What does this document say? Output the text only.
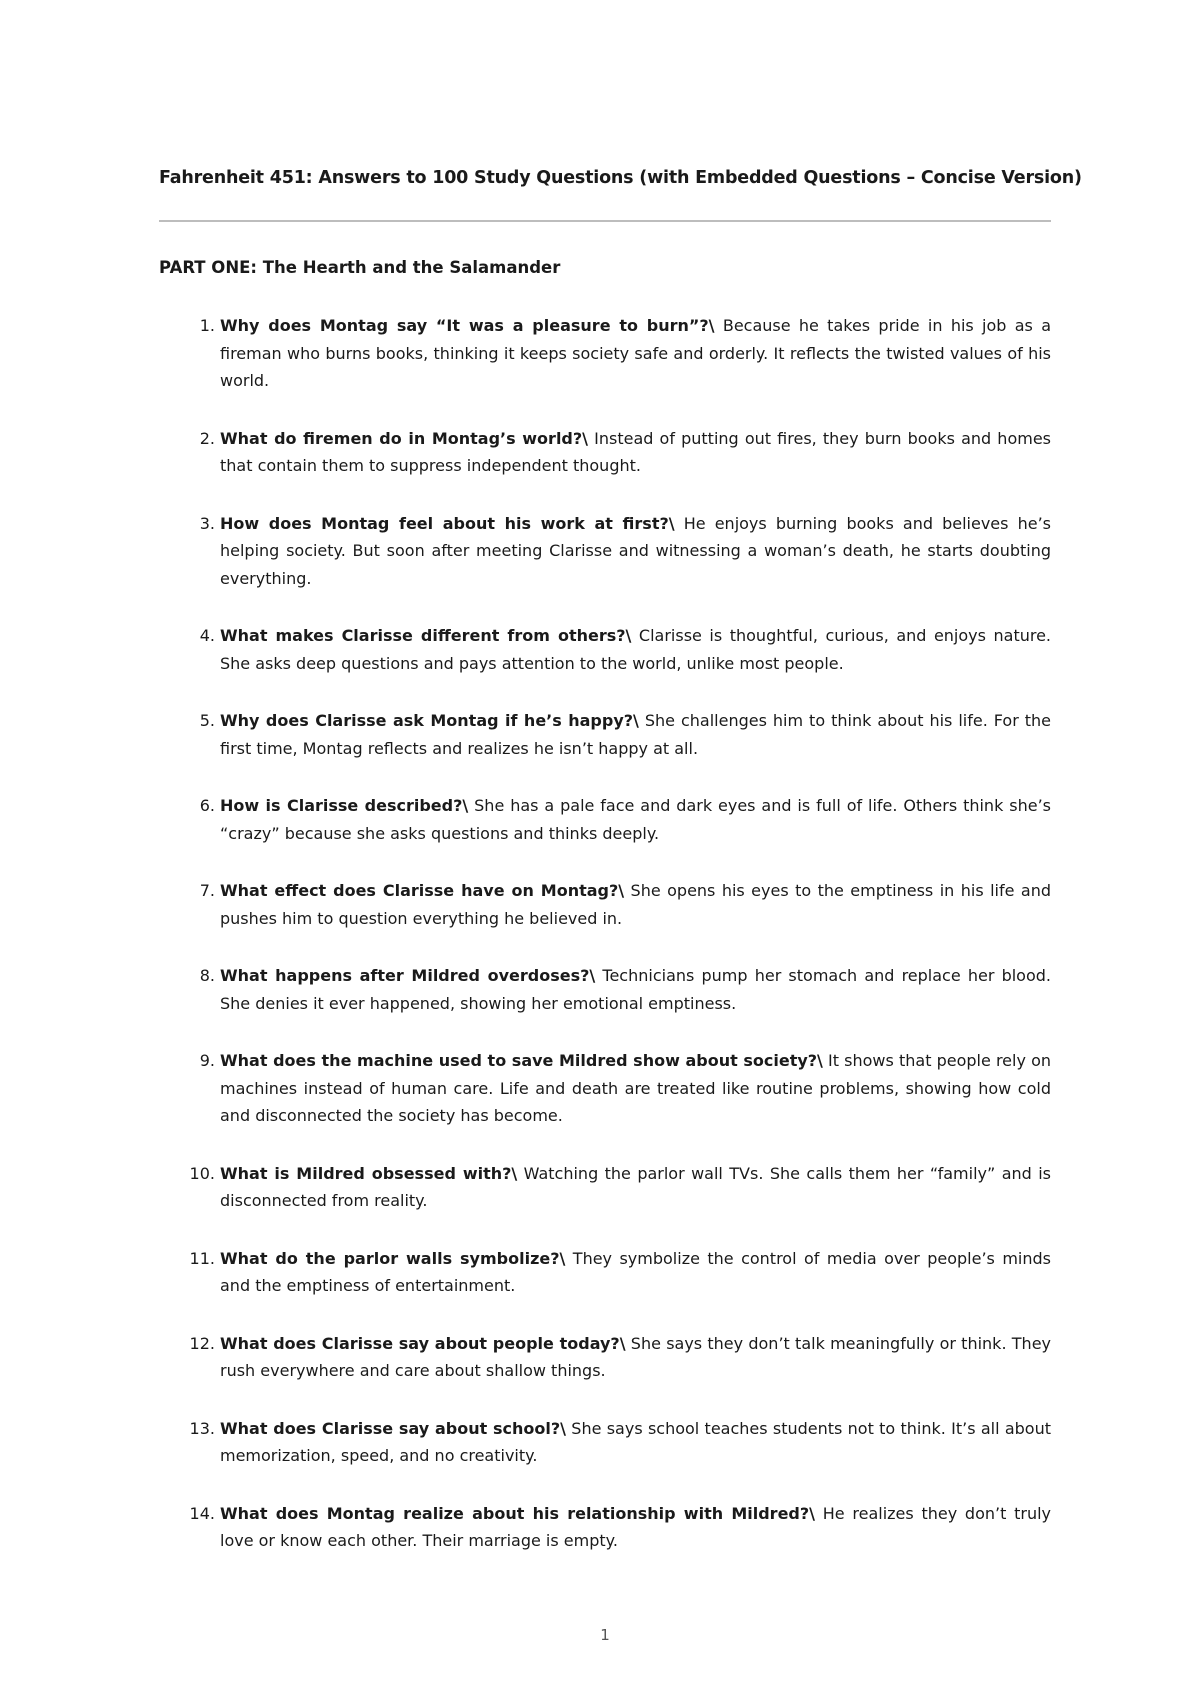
Fahrenheit 451: Answers to 100 Study Questions (with Embedded Questions – Concise Version)
PART ONE: The Hearth and the Salamander
1. Why does Montag say “It was a pleasure to burn”?\ Because he takes pride in his job as a fireman who burns books, thinking it keeps society safe and orderly. It reflects the twisted values of his world.
2. What do firemen do in Montag’s world?\ Instead of putting out fires, they burn books and homes that contain them to suppress independent thought.
3. How does Montag feel about his work at first?\ He enjoys burning books and believes he’s helping society. But soon after meeting Clarisse and witnessing a woman’s death, he starts doubting everything.
4. What makes Clarisse different from others?\ Clarisse is thoughtful, curious, and enjoys nature. She asks deep questions and pays attention to the world, unlike most people.
5. Why does Clarisse ask Montag if he’s happy?\ She challenges him to think about his life. For the first time, Montag reflects and realizes he isn’t happy at all.
6. How is Clarisse described?\ She has a pale face and dark eyes and is full of life. Others think she’s “crazy” because she asks questions and thinks deeply.
7. What effect does Clarisse have on Montag?\ She opens his eyes to the emptiness in his life and pushes him to question everything he believed in.
8. What happens after Mildred overdoses?\ Technicians pump her stomach and replace her blood. She denies it ever happened, showing her emotional emptiness.
9. What does the machine used to save Mildred show about society?\ It shows that people rely on machines instead of human care. Life and death are treated like routine problems, showing how cold and disconnected the society has become.
10. What is Mildred obsessed with?\ Watching the parlor wall TVs. She calls them her “family” and is disconnected from reality.
11. What do the parlor walls symbolize?\ They symbolize the control of media over people’s minds and the emptiness of entertainment.
12. What does Clarisse say about people today?\ She says they don’t talk meaningfully or think. They rush everywhere and care about shallow things.
13. What does Clarisse say about school?\ She says school teaches students not to think. It’s all about memorization, speed, and no creativity.
14. What does Montag realize about his relationship with Mildred?\ He realizes they don’t truly love or know each other. Their marriage is empty.
1
